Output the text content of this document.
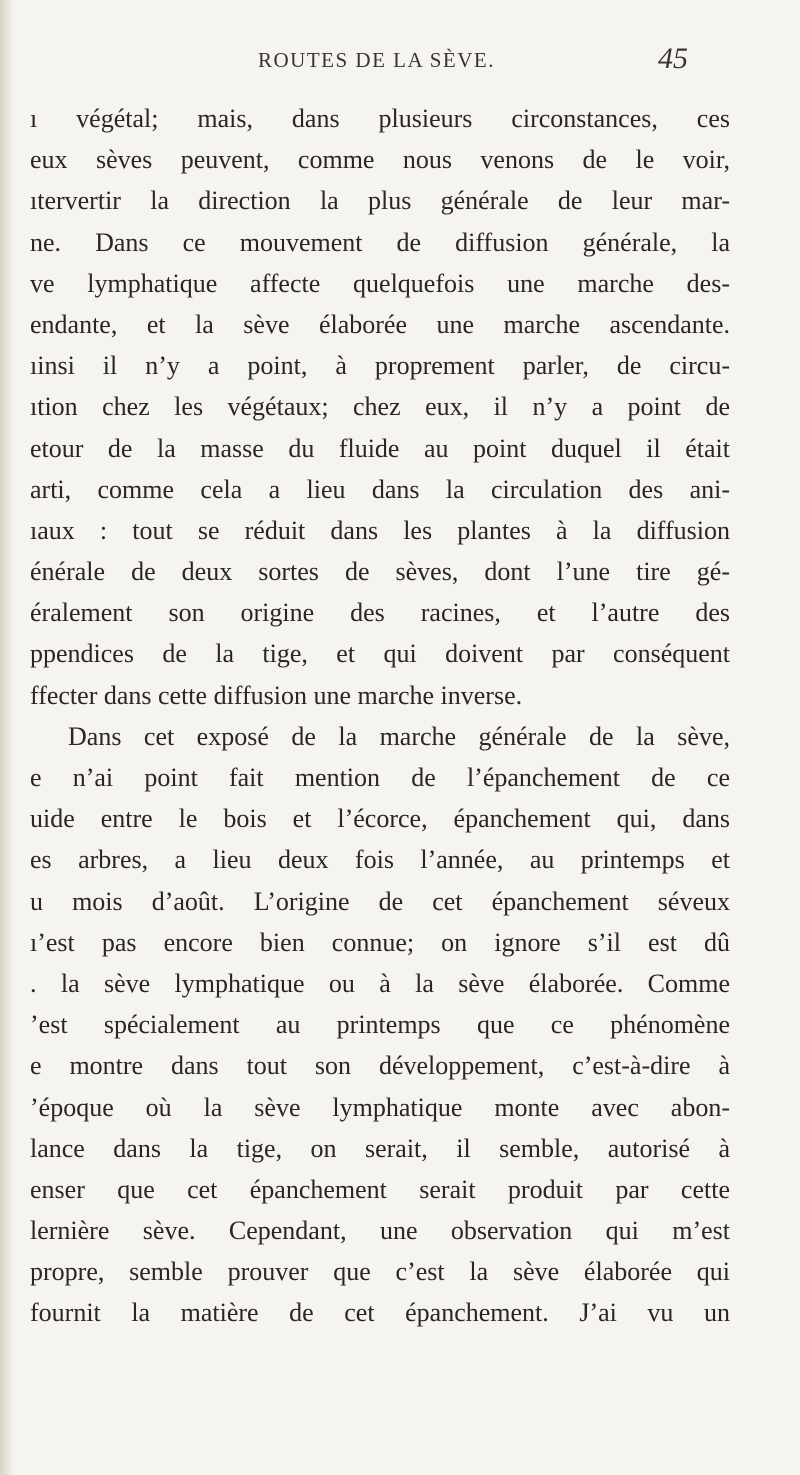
ROUTES DE LA SÈVE.	45
ı végétal; mais, dans plusieurs circonstances, ces
eux sèves peuvent, comme nous venons de le voir,
ıtervertir la direction la plus générale de leur mar-
ne. Dans ce mouvement de diffusion générale, la
ve lymphatique affecte quelquefois une marche des-
endante, et la sève élaborée une marche ascendante.
ıinsi il n’y a point, à proprement parler, de circu-
ıtion chez les végétaux; chez eux, il n’y a point de
etour de la masse du fluide au point duquel il était
arti, comme cela a lieu dans la circulation des ani-
ıaux : tout se réduit dans les plantes à la diffusion
énérale de deux sortes de sèves, dont l’une tire gé-
éralement son origine des racines, et l’autre des
ppendices de la tige, et qui doivent par conséquent
ffecter dans cette diffusion une marche inverse.
Dans cet exposé de la marche générale de la sève,
e n’ai point fait mention de l’épanchement de ce
uide entre le bois et l’écorce, épanchement qui, dans
es arbres, a lieu deux fois l’année, au printemps et
u mois d’août. L’origine de cet épanchement séveux
ı’est pas encore bien connue; on ignore s’il est dû
. la sève lymphatique ou à la sève élaborée. Comme
’est spécialement au printemps que ce phénomène
e montre dans tout son développement, c’est-à-dire à
’époque où la sève lymphatique monte avec abon-
lance dans la tige, on serait, il semble, autorisé à
enser que cet épanchement serait produit par cette
lernière sève. Cependant, une observation qui m’est
propre, semble prouver que c’est la sève élaborée qui
fournit la matière de cet épanchement. J’ai vu un
